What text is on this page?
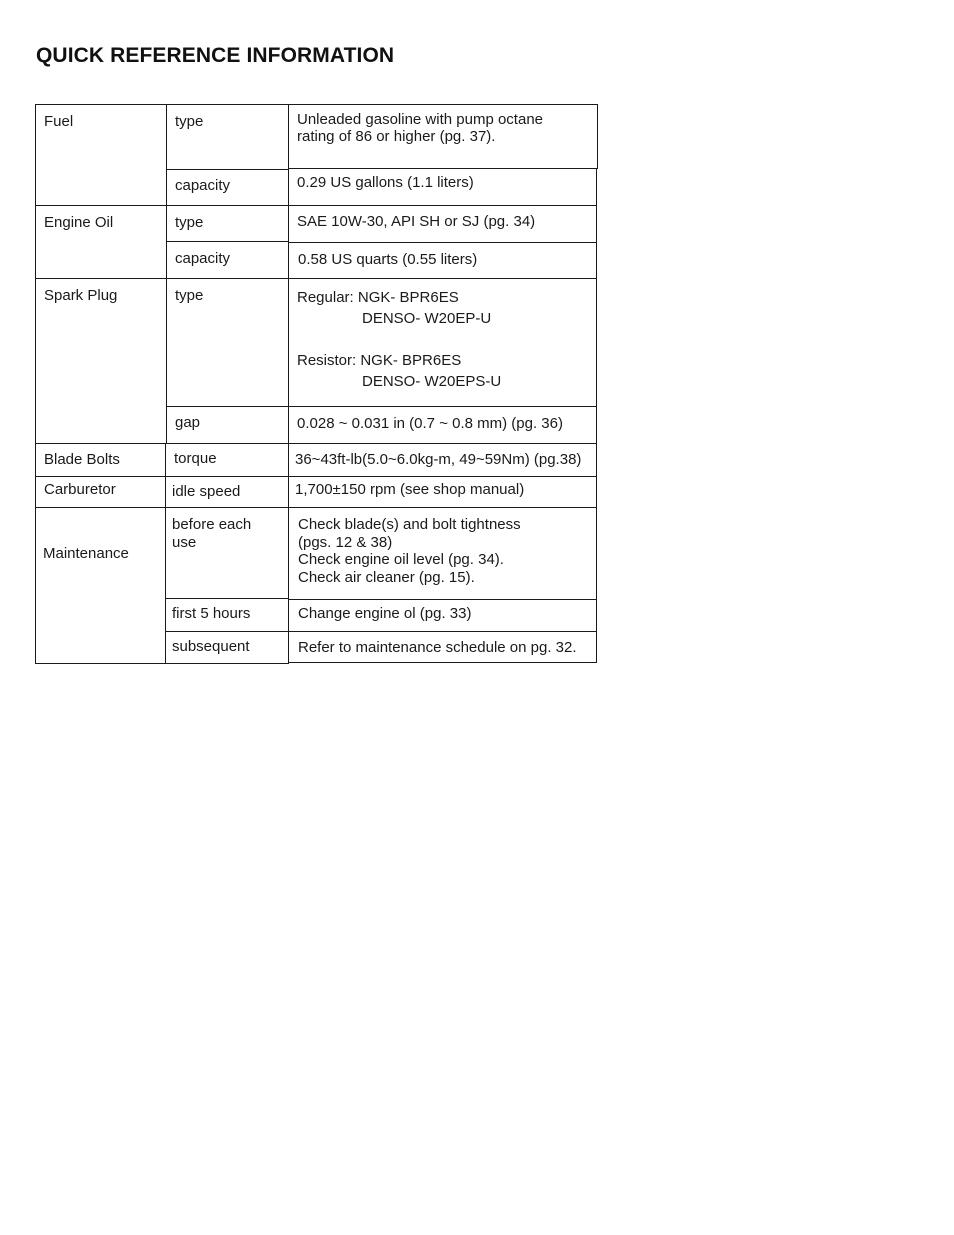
QUICK REFERENCE INFORMATION
Fuel
Engine Oil
Spark Plug
Blade Bolts
Carburetor
Maintenance
type
capacity
type
capacity
type
gap
torque
idle speed
before each
use
first 5 hours
subsequent
Unleaded gasoline with pump octane
rating of 86 or higher (pg. 37).
0.29 US gallons (1.1 liters)
SAE 10W-30, API SH or SJ (pg. 34)
0.58 US quarts (0.55 liters)
Regular: NGK- BPR6ES
DENSO- W20EP-U
Resistor: NGK- BPR6ES
DENSO- W20EPS-U
0.028 ~ 0.031 in (0.7 ~ 0.8 mm) (pg. 36)
36~43ft-lb(5.0~6.0kg-m, 49~59Nm) (pg.38)
1,700±150 rpm (see shop manual)
Check blade(s) and bolt tightness
(pgs. 12 & 38)
Check engine oil level (pg. 34).
Check air cleaner (pg. 15).
Change engine ol (pg. 33)
Refer to maintenance schedule on pg. 32.
